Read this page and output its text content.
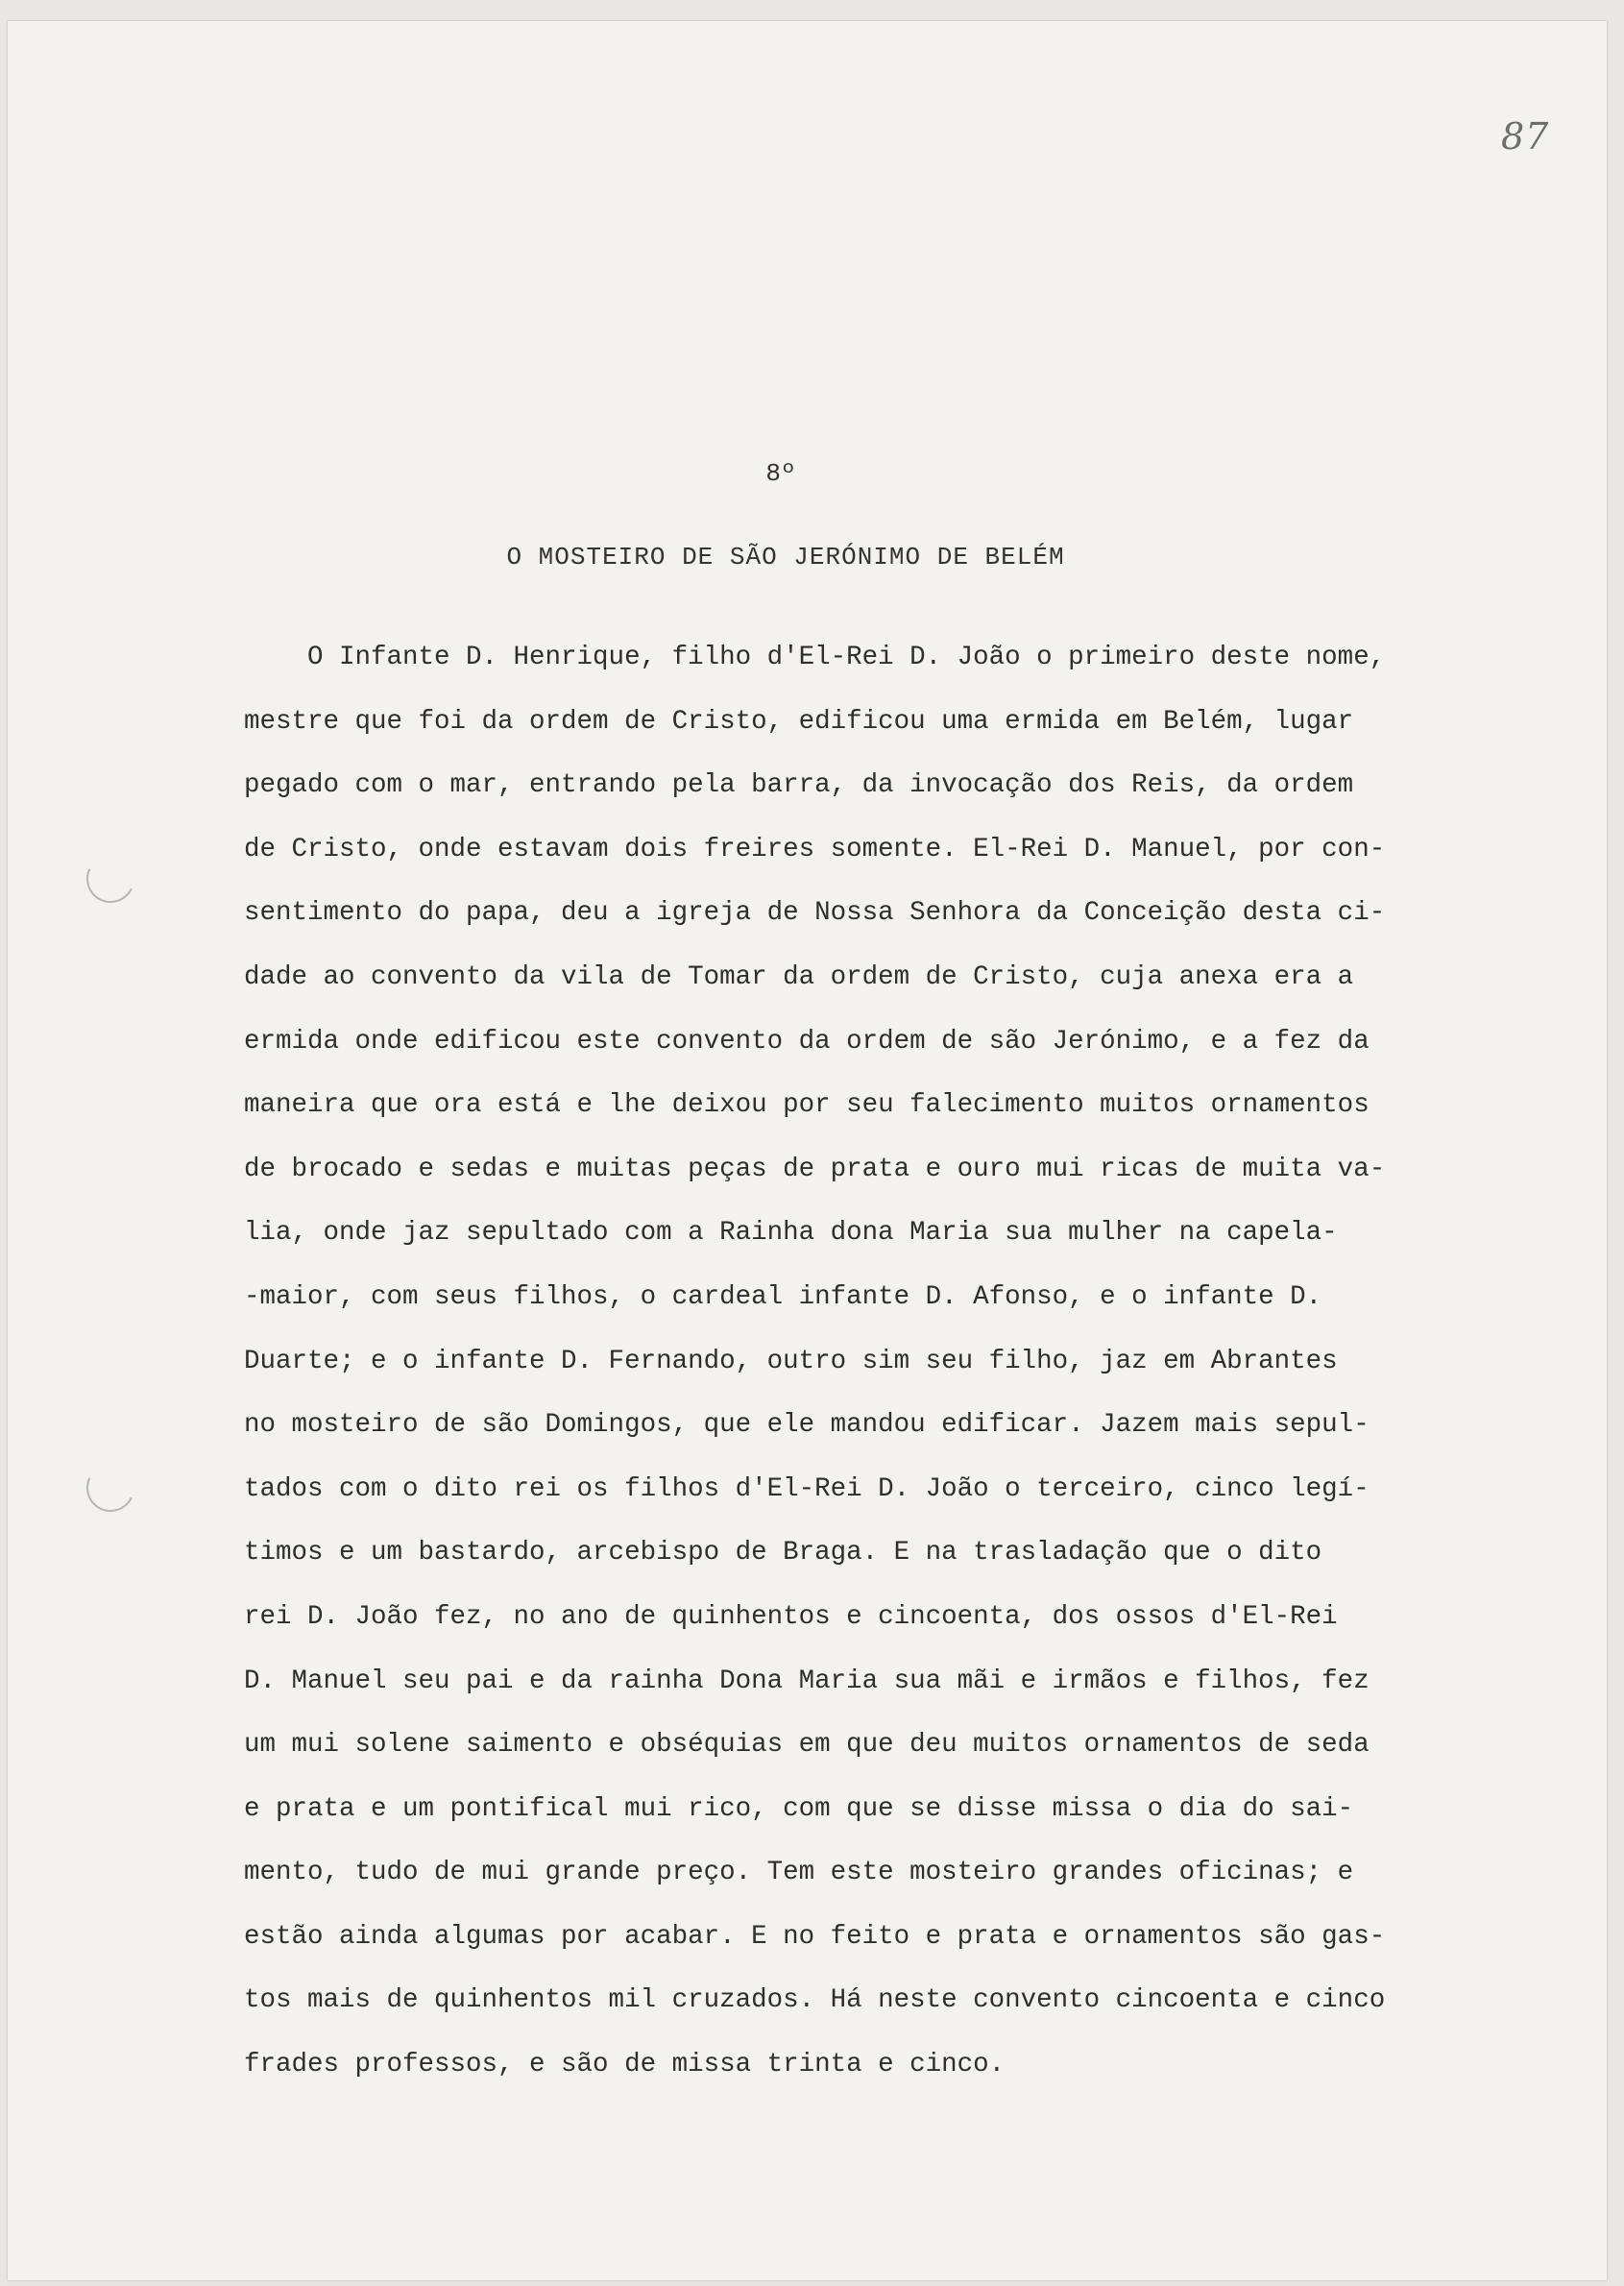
87
8º
O MOSTEIRO DE SÃO JERÓNIMO DE BELÉM
O Infante D. Henrique, filho d'El-Rei D. João o primeiro deste nome,
mestre que foi da ordem de Cristo, edificou uma ermida em Belém, lugar
pegado com o mar, entrando pela barra, da invocação dos Reis, da ordem
de Cristo, onde estavam dois freires somente. El-Rei D. Manuel, por con-
sentimento do papa, deu a igreja de Nossa Senhora da Conceição desta ci-
dade ao convento da vila de Tomar da ordem de Cristo, cuja anexa era a
ermida onde edificou este convento da ordem de são Jerónimo, e a fez da
maneira que ora está e lhe deixou por seu falecimento muitos ornamentos
de brocado e sedas e muitas peças de prata e ouro mui ricas de muita va-
lia, onde jaz sepultado com a Rainha dona Maria sua mulher na capela-
-maior, com seus filhos, o cardeal infante D. Afonso, e o infante D.
Duarte; e o infante D. Fernando, outro sim seu filho, jaz em Abrantes
no mosteiro de são Domingos, que ele mandou edificar. Jazem mais sepul-
tados com o dito rei os filhos d'El-Rei D. João o terceiro, cinco legí-
timos e um bastardo, arcebispo de Braga. E na trasladação que o dito
rei D. João fez, no ano de quinhentos e cincoenta, dos ossos d'El-Rei
D. Manuel seu pai e da rainha Dona Maria sua mãi e irmãos e filhos, fez
um mui solene saimento e obséquias em que deu muitos ornamentos de seda
e prata e um pontifical mui rico, com que se disse missa o dia do sai-
mento, tudo de mui grande preço. Tem este mosteiro grandes oficinas; e
estão ainda algumas por acabar. E no feito e prata e ornamentos são gas-
tos mais de quinhentos mil cruzados. Há neste convento cincoenta e cinco
frades professos, e são de missa trinta e cinco.
